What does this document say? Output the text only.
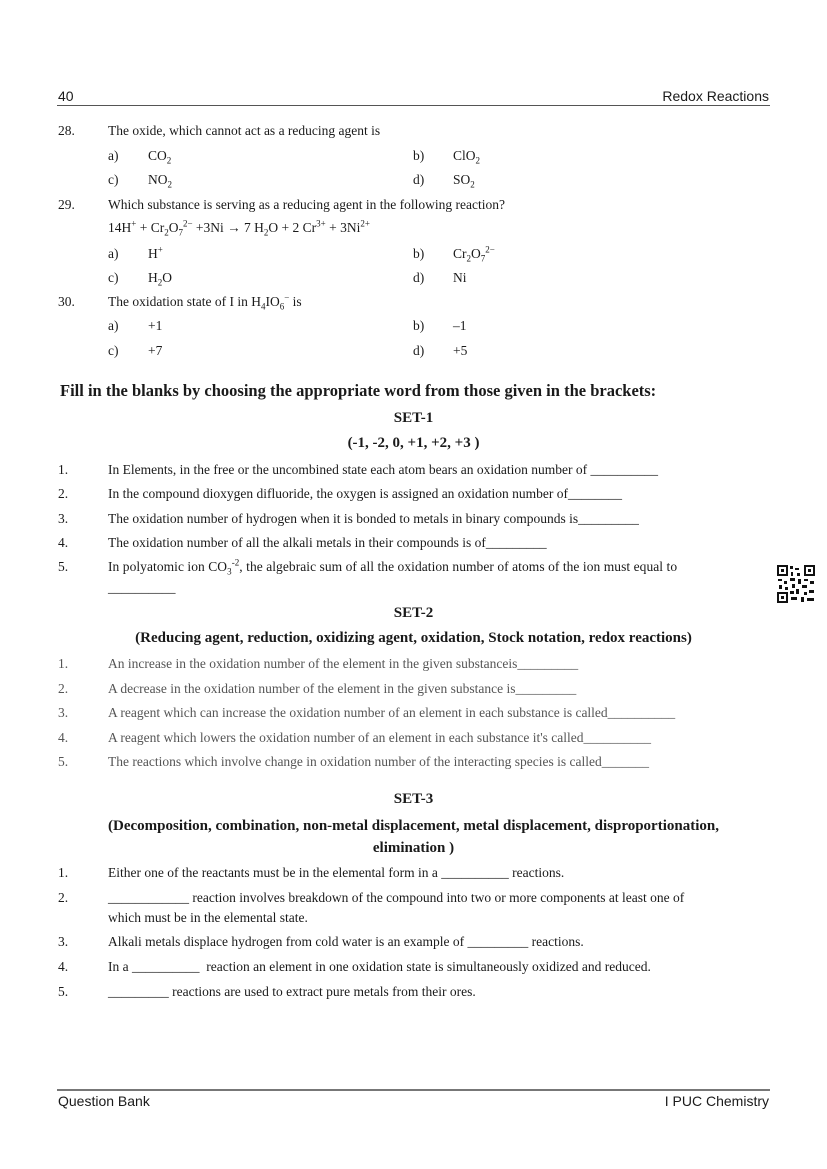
40	Redox Reactions
28. The oxide, which cannot act as a reducing agent is
a) $CO_2$	b) ClO$_2$
c) $NO_2$	d) $SO_2$
29. Which substance is serving as a reducing agent in the following reaction?
$14H^+ + Cr_2O_7^{2-} +3Ni \to 7$ $H_2O + 2$ $Cr^{3+} + 3Ni^{2+}$
a) H+	b) $Cr_2O_7^{2-}$
c) $H_2O$	d) Ni
30. The oxidation state of I in $H_4IO_6^-$ is
a) +1	b) –1
c) +7	d) +5
Fill in the blanks by choosing the appropriate word from those given in the brackets:
SET-1
(-1, -2, 0, +1, +2, +3 )
1.	In Elements, in the free or the uncombined state each atom bears an oxidation number of __________
2.	In the compound dioxygen difluoride, the oxygen is assigned an oxidation number of________
3.	The oxidation number of hydrogen when it is bonded to metals in binary compounds is_________
4.	The oxidation number of all the alkali metals in their compounds is of_________
5.	In polyatomic ion $CO_3^{-2}$, the algebraic sum of all the oxidation number of atoms of the ion must equal to
__________
SET-2
(Reducing agent, reduction, oxidizing agent, oxidation, Stock notation, redox reactions)
1.	An increase in the oxidation number of the element in the given substanceis_________
2.	A decrease in the oxidation number of the element in the given substance is_________
3.	A reagent which can increase the oxidation number of an element in each substance is called__________
4.	A reagent which lowers the oxidation number of an element in each substance it's called__________
5.	The reactions which involve change in oxidation number of the interacting species is called_______
SET-3
(Decomposition, combination, non-metal displacement, metal displacement, disproportionation,
elimination )
1.	Either one of the reactants must be in the elemental form in a __________ reactions.
2.	____________ reaction involves breakdown of the compound into two or more components at least one of
which must be in the elemental state.
3.	Alkali metals displace hydrogen from cold water is an example of _________ reactions.
4.	In a __________  reaction an element in one oxidation state is simultaneously oxidized and reduced.
5.	_________ reactions are used to extract pure metals from their ores.
Question Bank	I PUC Chemistry
